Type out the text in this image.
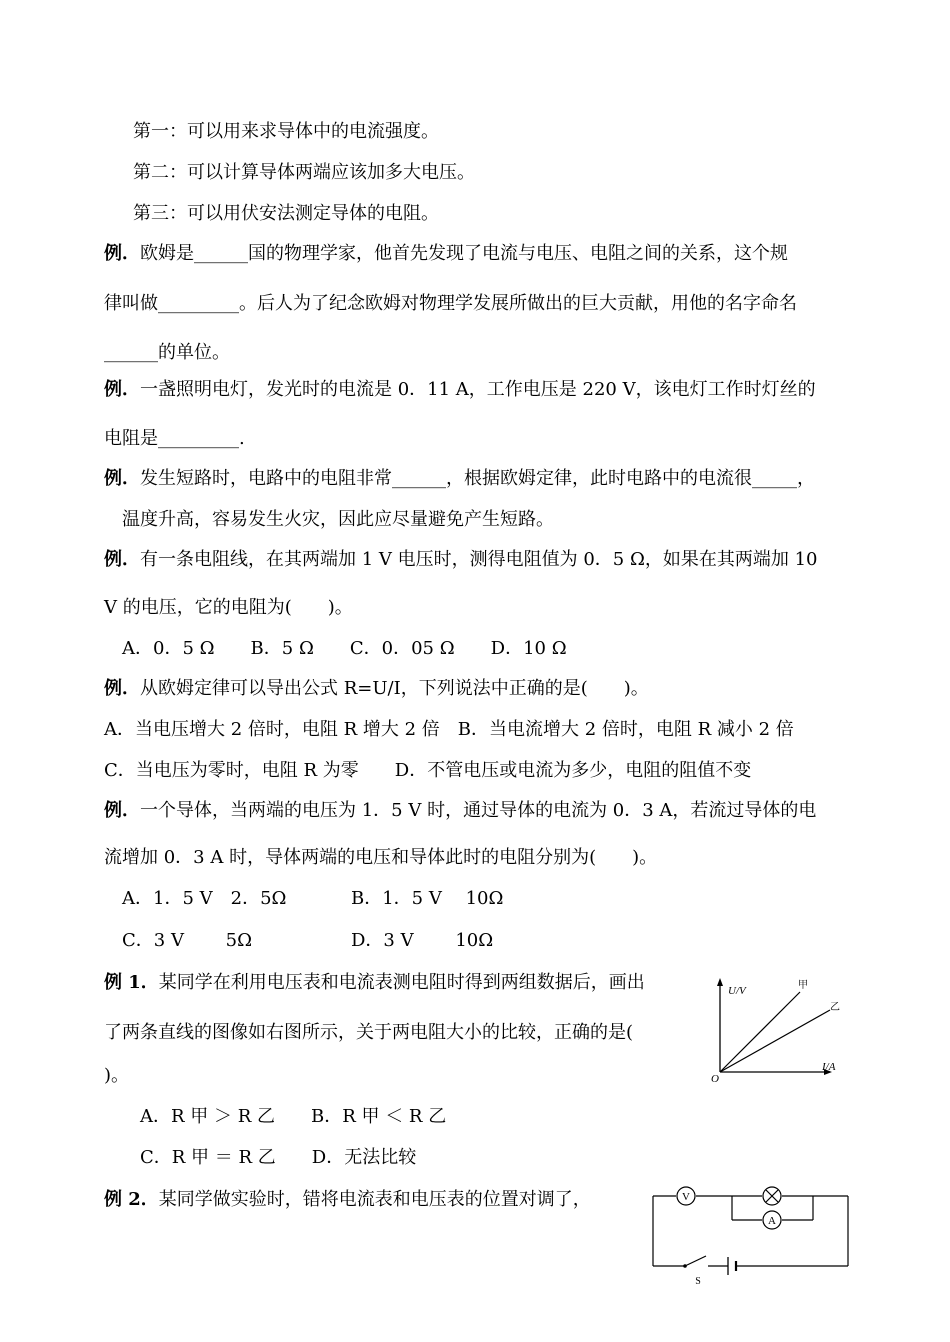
第一：可以用来求导体中的电流强度。
第二：可以计算导体两端应该加多大电压。
第三：可以用伏安法测定导体的电阻。
例．欧姆是______国的物理学家，他首先发现了电流与电压、电阻之间的关系，这个规
律叫做_________。后人为了纪念欧姆对物理学发展所做出的巨大贡献，用他的名字命名
______的单位。
例．一盏照明电灯，发光时的电流是 0．11 A，工作电压是 220 V，该电灯工作时灯丝的
电阻是_________.
例．发生短路时，电路中的电阻非常______，根据欧姆定律，此时电路中的电流很_____，
温度升高，容易发生火灾，因此应尽量避免产生短路。
例．有一条电阻线，在其两端加 1 V 电压时，测得电阻值为 0．5 Ω，如果在其两端加 10
V 的电压，它的电阻为(　　)。
A．0．5 Ω　　B．5 Ω　　C．0．05 Ω　　D．10 Ω
例．从欧姆定律可以导出公式 R=U/I，下列说法中正确的是(　　)。
A．当电压增大 2 倍时，电阻 R 增大 2 倍　B．当电流增大 2 倍时，电阻 R 减小 2 倍
C．当电压为零时，电阻 R 为零　　D．不管电压或电流为多少，电阻的阻值不变
例．一个导体，当两端的电压为 1．5 V 时，通过导体的电流为 0．3 A，若流过导体的电
流增加 0．3 A 时，导体两端的电压和导体此时的电阻分别为(　　)。
A．1．5 V　2．5Ω	B．1．5 V　 10Ω
C．3 V　　 5Ω	D．3 V　　 10Ω
例 1．某同学在利用电压表和电流表测电阻时得到两组数据后，画出
了两条直线的图像如右图所示，关于两电阻大小的比较，正确的是(
)。
A．R 甲 ＞ R 乙　　B．R 甲 ＜ R 乙
C．R 甲 ＝ R 乙　　D．无法比较
例 2．某同学做实验时，错将电流表和电压表的位置对调了，
U/V
I/A
O
甲
乙
V
A
S
